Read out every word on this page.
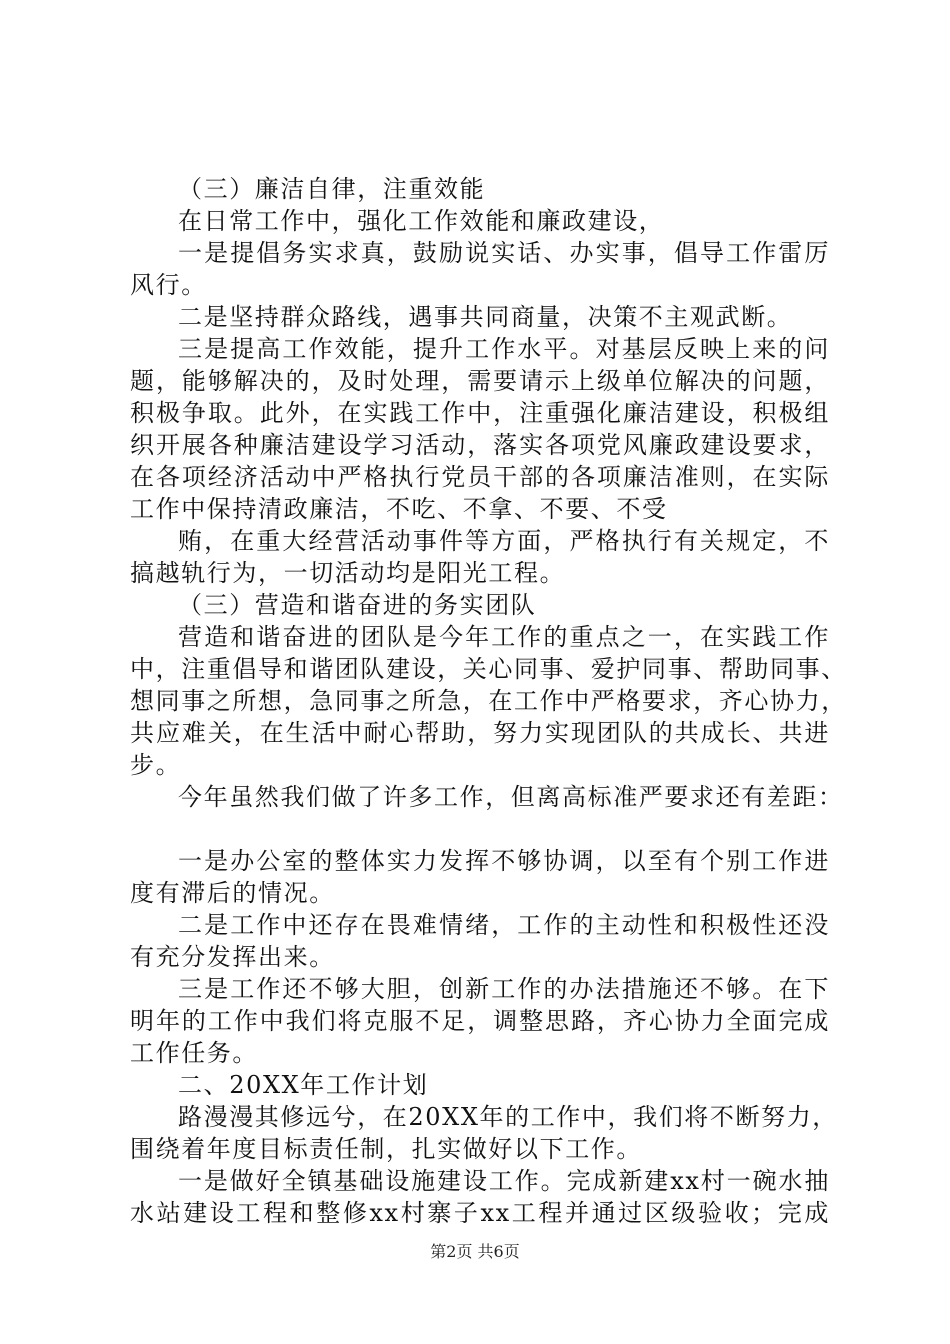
（三）廉洁自律，注重效能
在日常工作中，强化工作效能和廉政建设，
一是提倡务实求真，鼓励说实话、办实事，倡导工作雷厉
风行。
二是坚持群众路线，遇事共同商量，决策不主观武断。
三是提高工作效能，提升工作水平。对基层反映上来的问
题，能够解决的，及时处理，需要请示上级单位解决的问题，
积极争取。此外，在实践工作中，注重强化廉洁建设，积极组
织开展各种廉洁建设学习活动，落实各项党风廉政建设要求，
在各项经济活动中严格执行党员干部的各项廉洁准则，在实际
工作中保持清政廉洁，不吃、不拿、不要、不受
贿，在重大经营活动事件等方面，严格执行有关规定，不
搞越轨行为，一切活动均是阳光工程。
（三）营造和谐奋进的务实团队
营造和谐奋进的团队是今年工作的重点之一，在实践工作
中，注重倡导和谐团队建设，关心同事、爱护同事、帮助同事、
想同事之所想，急同事之所急，在工作中严格要求，齐心协力，
共应难关，在生活中耐心帮助，努力实现团队的共成长、共进
步。
今年虽然我们做了许多工作，但离高标准严要求还有差距：
一是办公室的整体实力发挥不够协调，以至有个别工作进
度有滞后的情况。
二是工作中还存在畏难情绪，工作的主动性和积极性还没
有充分发挥出来。
三是工作还不够大胆，创新工作的办法措施还不够。在下
明年的工作中我们将克服不足，调整思路，齐心协力全面完成
工作任务。
二、20XX年工作计划
路漫漫其修远兮，在20XX年的工作中，我们将不断努力，
围绕着年度目标责任制，扎实做好以下工作。
一是做好全镇基础设施建设工作。完成新建xx村一碗水抽
水站建设工程和整修xx村寨子xx工程并通过区级验收；完成
第2页 共6页
